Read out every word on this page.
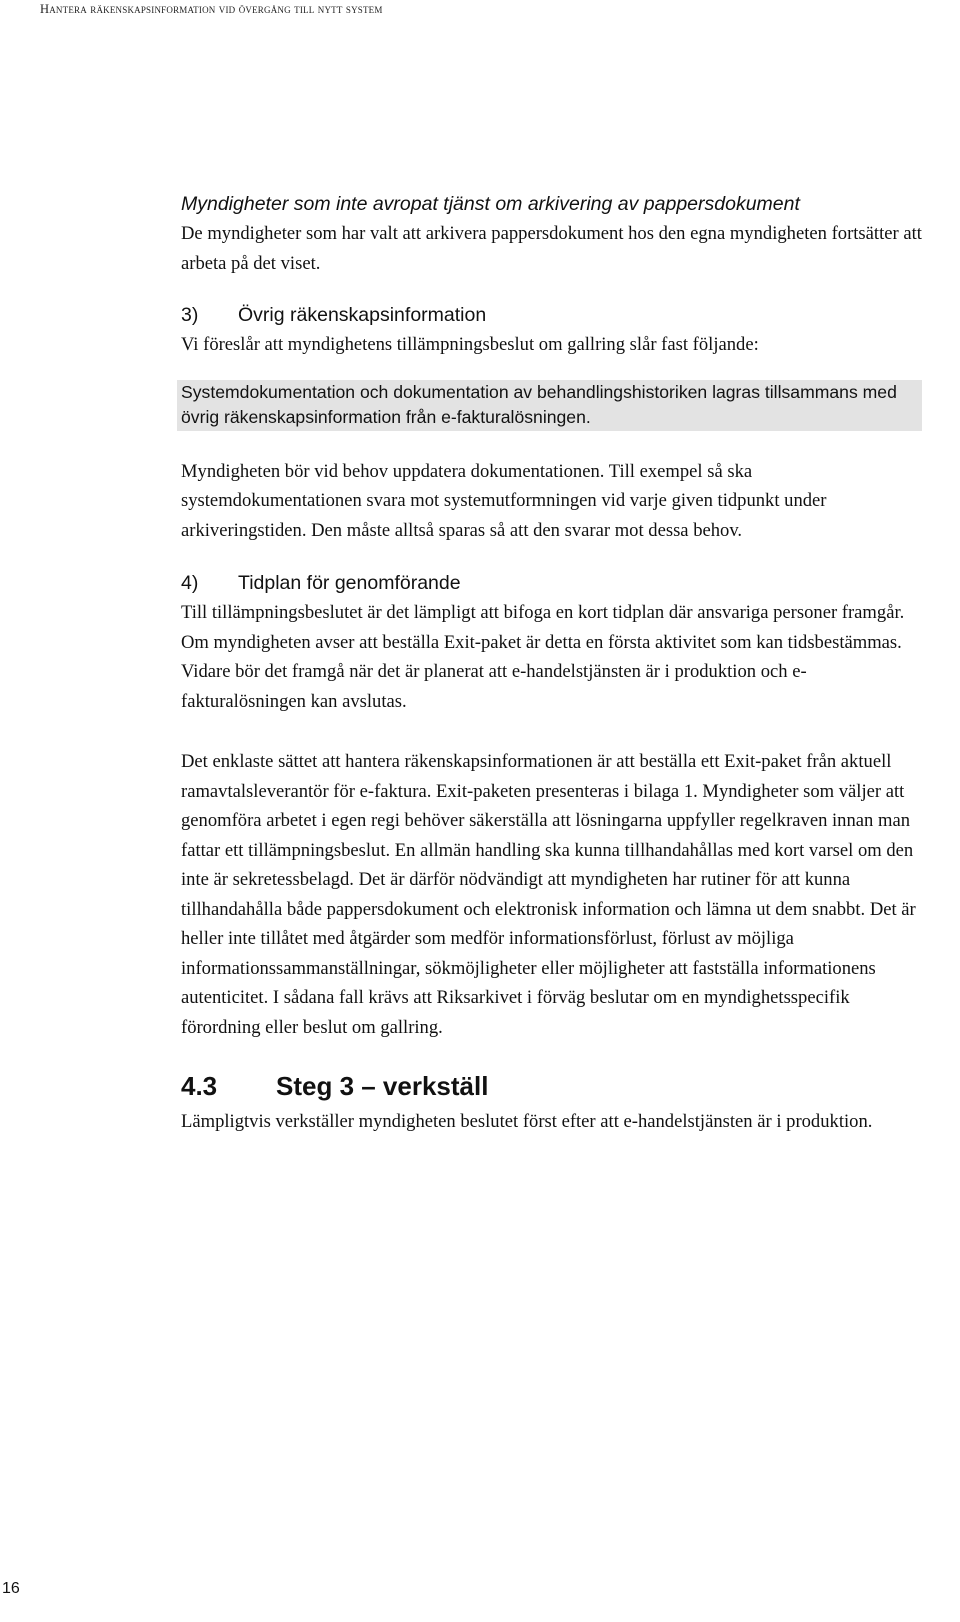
Hantera räkenskapsinformation vid övergång till nytt system

Myndigheter som inte avropat tjänst om arkivering av pappersdokument

De myndigheter som har valt att arkivera pappersdokument hos den egna myndigheten fortsätter att arbeta på det viset.

3)	Övrig räkenskapsinformation

Vi föreslår att myndighetens tillämpningsbeslut om gallring slår fast följande:

Systemdokumentation och dokumentation av behandlingshistoriken lagras tillsammans med övrig räkenskapsinformation från e-fakturalösningen.

Myndigheten bör vid behov uppdatera dokumentationen. Till exempel så ska systemdokumentationen svara mot systemutformningen vid varje given tidpunkt under arkiveringstiden. Den måste alltså sparas så att den svarar mot dessa behov.

4)	Tidplan för genomförande

Till tillämpningsbeslutet är det lämpligt att bifoga en kort tidplan där ansvariga personer framgår. Om myndigheten avser att beställa Exit-paket är detta en första aktivitet som kan tidsbestämmas. Vidare bör det framgå när det är planerat att e-handelstjänsten är i produktion och e-fakturalösningen kan avslutas.

Det enklaste sättet att hantera räkenskapsinformationen är att beställa ett Exit-paket från aktuell ramavtalsleverantör för e-faktura. Exit-paketen presenteras i bilaga 1. Myndigheter som väljer att genomföra arbetet i egen regi behöver säkerställa att lösningarna uppfyller regelkraven innan man fattar ett tillämpningsbeslut. En allmän handling ska kunna tillhandahållas med kort varsel om den inte är sekretessbelagd. Det är därför nödvändigt att myndigheten har rutiner för att kunna tillhandahålla både pappersdokument och elektronisk information och lämna ut dem snabbt. Det är heller inte tillåtet med åtgärder som medför informationsförlust, förlust av möjliga informationssammanställningar, sökmöjligheter eller möjligheter att fastställa informationens autenticitet. I sådana fall krävs att Riksarkivet i förväg beslutar om en myndighetsspecifik förordning eller beslut om gallring.

4.3	Steg 3 – verkställ

Lämpligtvis verkställer myndigheten beslutet först efter att e-handelstjänsten är i produktion.

16
